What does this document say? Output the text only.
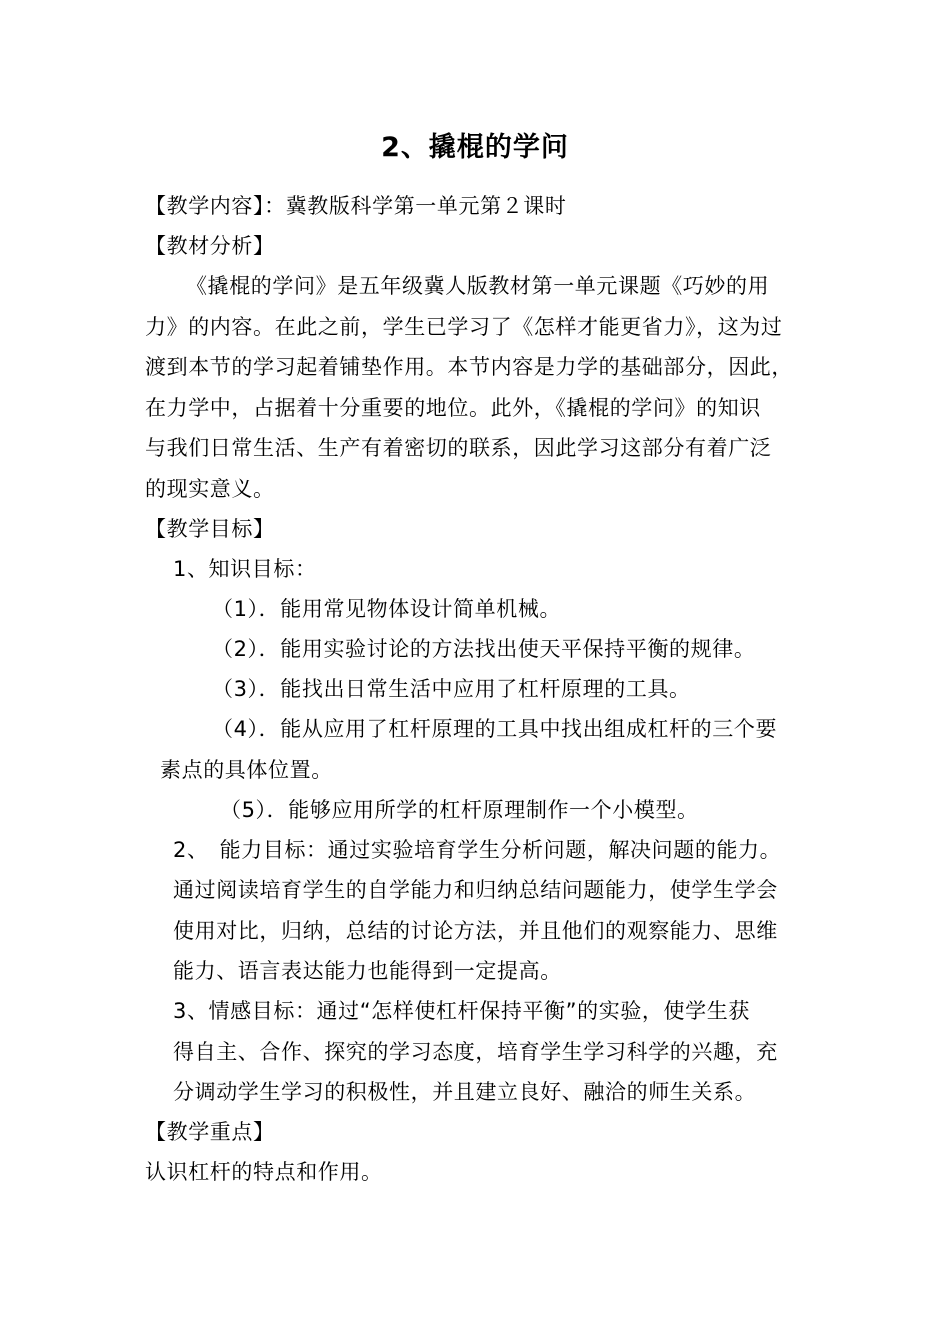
2、撬棍的学问
【教学内容】：冀教版科学第一单元第２课时
【教材分析】
《撬棍的学问》是五年级冀人版教材第一单元课题《巧妙的用
力》的内容。在此之前，学生已学习了《怎样才能更省力》，这为过
渡到本节的学习起着铺垫作用。本节内容是力学的基础部分，因此，
在力学中，占据着十分重要的地位。此外，《撬棍的学问》的知识
与我们日常生活、生产有着密切的联系，因此学习这部分有着广泛
的现实意义。
【教学目标】
1、知识目标：
（1）．能用常见物体设计简单机械。
（2）．能用实验讨论的方法找出使天平保持平衡的规律。
（3）．能找出日常生活中应用了杠杆原理的工具。
（4）．能从应用了杠杆原理的工具中找出组成杠杆的三个要
素点的具体位置。
（5）．能够应用所学的杠杆原理制作一个小模型。
2、　能力目标：通过实验培育学生分析问题，解决问题的能力。
通过阅读培育学生的自学能力和归纳总结问题能力，使学生学会
使用对比，归纳，总结的讨论方法，并且他们的观察能力、思维
能力、语言表达能力也能得到一定提高。
3、情感目标：通过“怎样使杠杆保持平衡”的实验，使学生获
得自主、合作、探究的学习态度，培育学生学习科学的兴趣，充
分调动学生学习的积极性，并且建立良好、融洽的师生关系。
【教学重点】
认识杠杆的特点和作用。
